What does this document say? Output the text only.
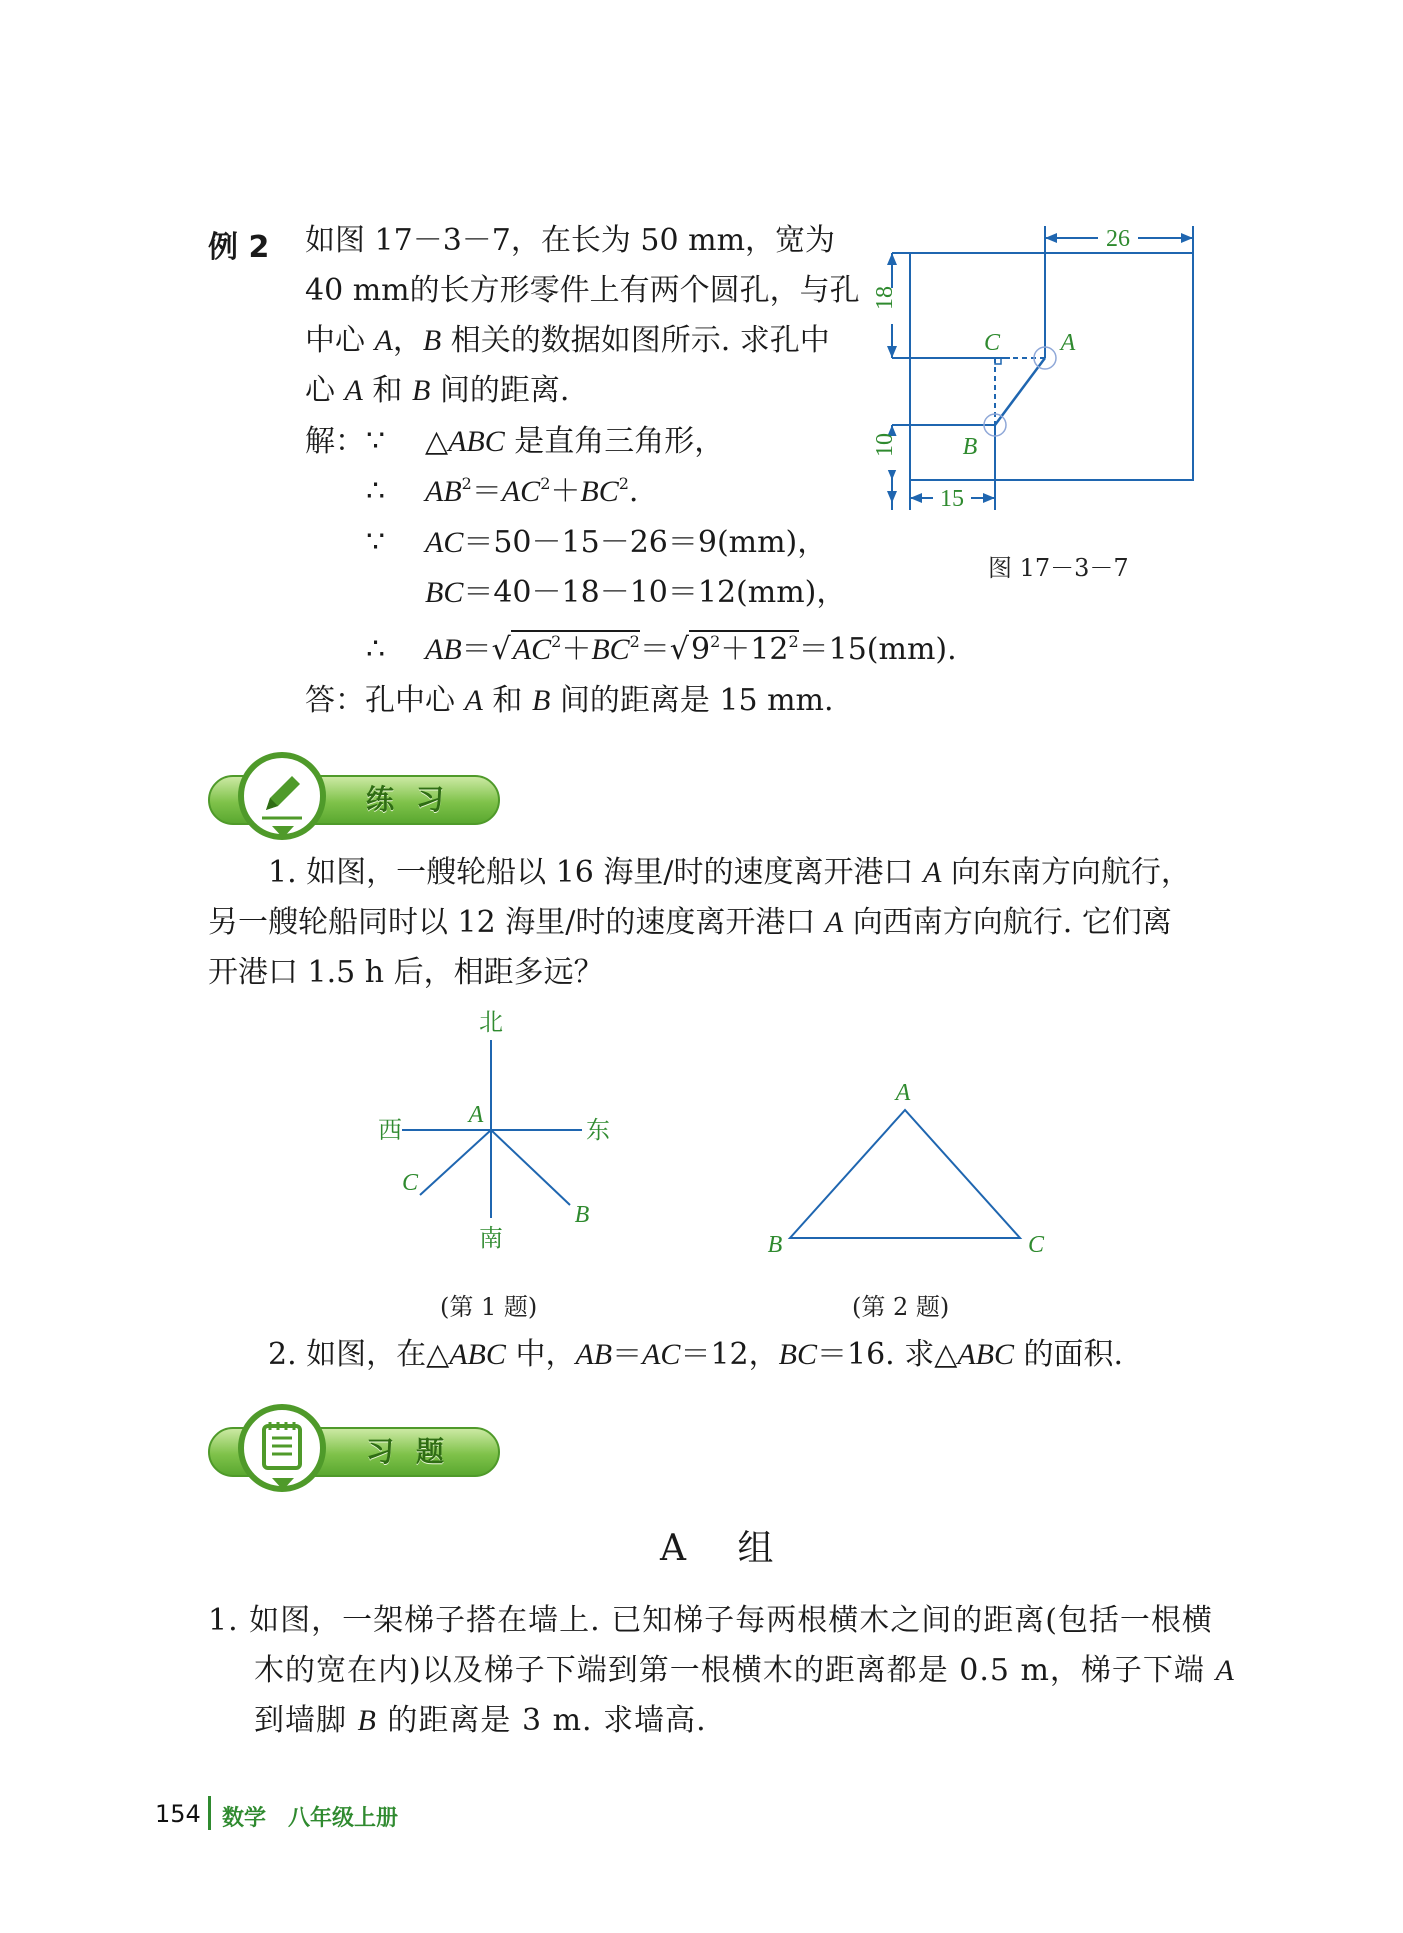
例 2 如图 17－3－7，在长为 50 mm，宽为
40 mm的长方形零件上有两个圆孔，与孔
中心 A，B 相关的数据如图所示. 求孔中
心 A 和 B 间的距离.
解： ∵ △ABC 是直角三角形，
∴ $AB^2=AC^2+BC^2$.
∵ AC＝50－15－26＝9(mm)，
BC＝40－18－10＝12(mm)，
∴ $AB=√AC^2+BC^2=√9^2+12^2=15(mm)$.
答：孔中心 A 和 B 间的距离是 15 mm.
26
18
10
15
C	A
B
图 17－3－7
练习
1. 如图，一艘轮船以 16 海里/时的速度离开港口 A 向东南方向航行，
另一艘轮船同时以 12 海里/时的速度离开港口 A 向西南方向航行. 它们离
开港口 1.5 h 后，相距多远？
北
南
西	东
A
B
C
(第 1 题)
A
B	C
(第 2 题)
2. 如图，在△ABC 中，AB＝AC＝12，BC＝16. 求△ABC 的面积.
习题
A 组
1. 如图，一架梯子搭在墙上. 已知梯子每两根横木之间的距离(包括一根横
木的宽在内)以及梯子下端到第一根横木的距离都是 0.5 m，梯子下端 A
到墙脚 B 的距离是 3 m. 求墙高.
154 数学　八年级上册
